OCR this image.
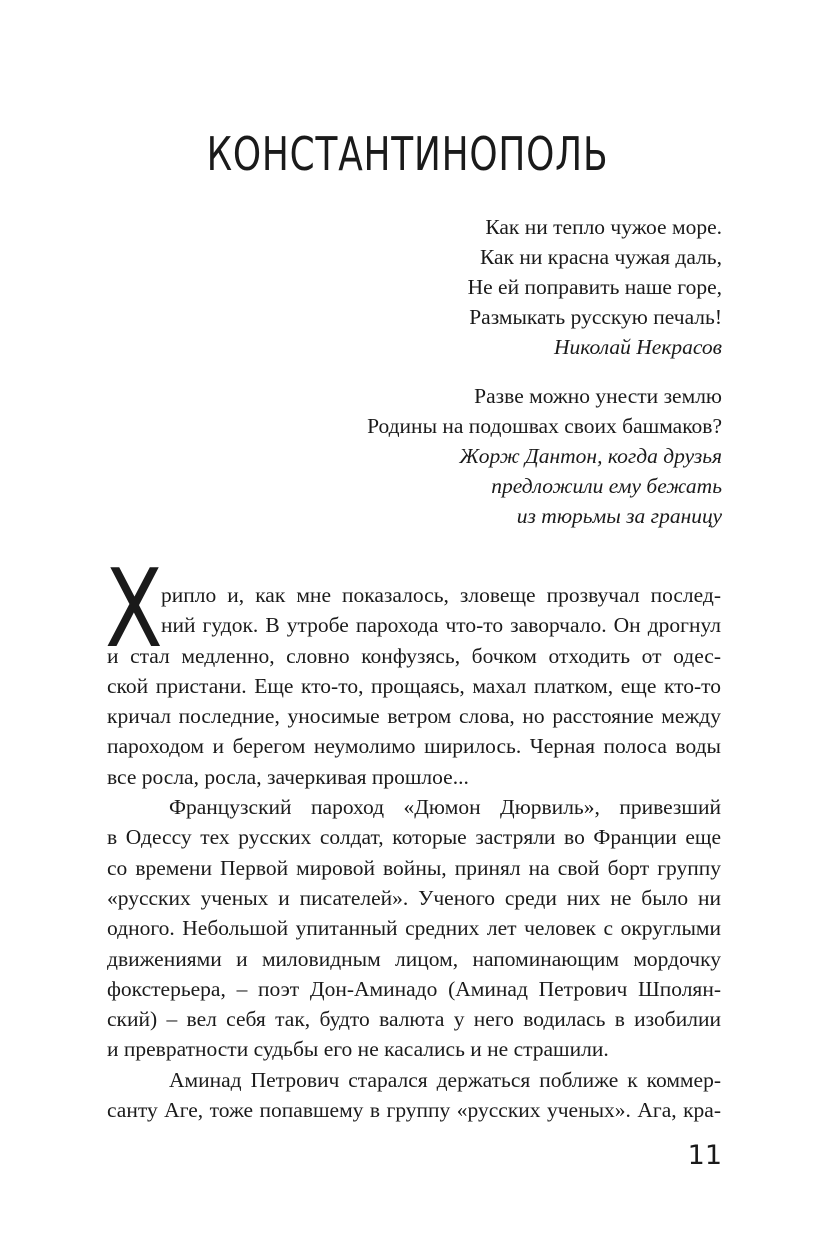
КОНСТАНТИНОПОЛЬ
Как ни тепло чужое море.
Как ни красна чужая даль,
Не ей поправить наше горе,
Размыкать русскую печаль!
Николай Некрасов
Разве можно унести землю
Родины на подошвах своих башмаков?
Жорж Дантон, когда друзья
предложили ему бежать
из тюрьмы за границу
Х

рипло и, как мне показалось, зловеще прозвучал послед-
ний гудок. В утробе парохода что-то заворчало. Он дрогнул
и стал медленно, словно конфузясь, бочком отходить от одес-
ской пристани. Еще кто-то, прощаясь, махал платком, еще кто-то
кричал последние, уносимые ветром слова, но расстояние между
пароходом и берегом неумолимо ширилось. Черная полоса воды
все росла, росла, зачеркивая прошлое...

Французский пароход «Дюмон Дюрвиль», привезший
в Одессу тех русских солдат, которые застряли во Франции еще
со времени Первой мировой войны, принял на свой борт группу
«русских ученых и писателей». Ученого среди них не было ни
одного. Небольшой упитанный средних лет человек с округлыми
движениями и миловидным лицом, напоминающим мордочку
фокстерьера, – поэт Дон-Аминадо (Аминад Петрович Шполян-
ский) – вел себя так, будто валюта у него водилась в изобилии
и превратности судьбы его не касались и не страшили.

Аминад Петрович старался держаться поближе к коммер-
санту Аге, тоже попавшему в группу «русских ученых». Ага, кра-

11
